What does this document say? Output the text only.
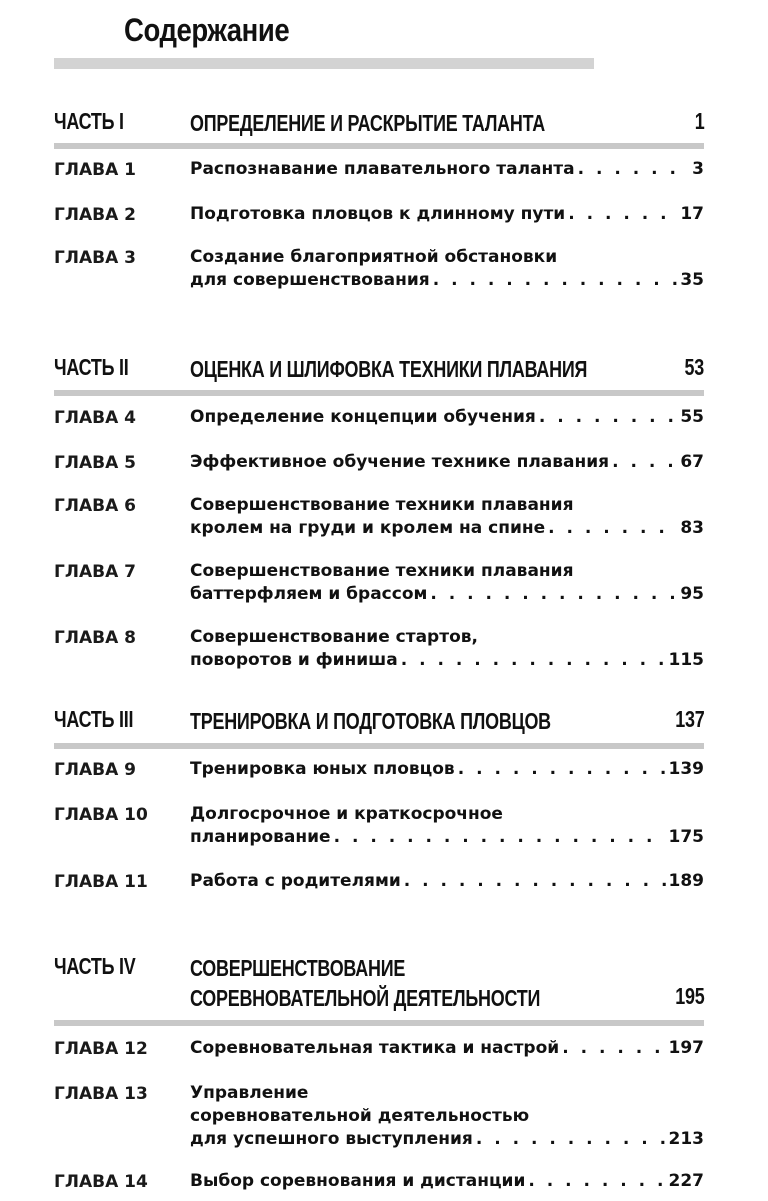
Содержание
ЧАСТЬ I	ОПРЕДЕЛЕНИЕ И РАСКРЫТИЕ ТАЛАНТА	1
ГЛАВА 1	Распознавание плавательного таланта . . .	3
ГЛАВА 2	Подготовка пловцов к длинному пути . . .	17
ГЛАВА 3	Создание благоприятной обстановки
для совершенствования . . .	35
ЧАСТЬ II	ОЦЕНКА И ШЛИФОВКА ТЕХНИКИ ПЛАВАНИЯ	53
ГЛАВА 4	Определение концепции обучения . . .	55
ГЛАВА 5	Эффективное обучение технике плавания . . .	67
ГЛАВА 6	Совершенствование техники плавания
кролем на груди и кролем на спине . . .	83
ГЛАВА 7	Совершенствование техники плавания
баттерфляем и брассом . . .	95
ГЛАВА 8	Совершенствование стартов,
поворотов и финиша . . .	115
ЧАСТЬ III ТРЕНИРОВКА И ПОДГОТОВКА ПЛОВЦОВ	137
ГЛАВА 9	Тренировка юных пловцов . . .	139
ГЛАВА 10 Долгосрочное и краткосрочное
планирование . . .	175
ГЛАВА 11 Работа с родителями . . .	189
ЧАСТЬ IV СОВЕРШЕНСТВОВАНИЕ
СОРЕВНОВАТЕЛЬНОЙ ДЕЯТЕЛЬНОСТИ	195
ГЛАВА 12 Соревновательная тактика и настрой . . .	197
ГЛАВА 13 Управление
соревновательной деятельностью
для успешного выступления . . .	213
ГЛАВА 14 Выбор соревнования и дистанции . . .	227
